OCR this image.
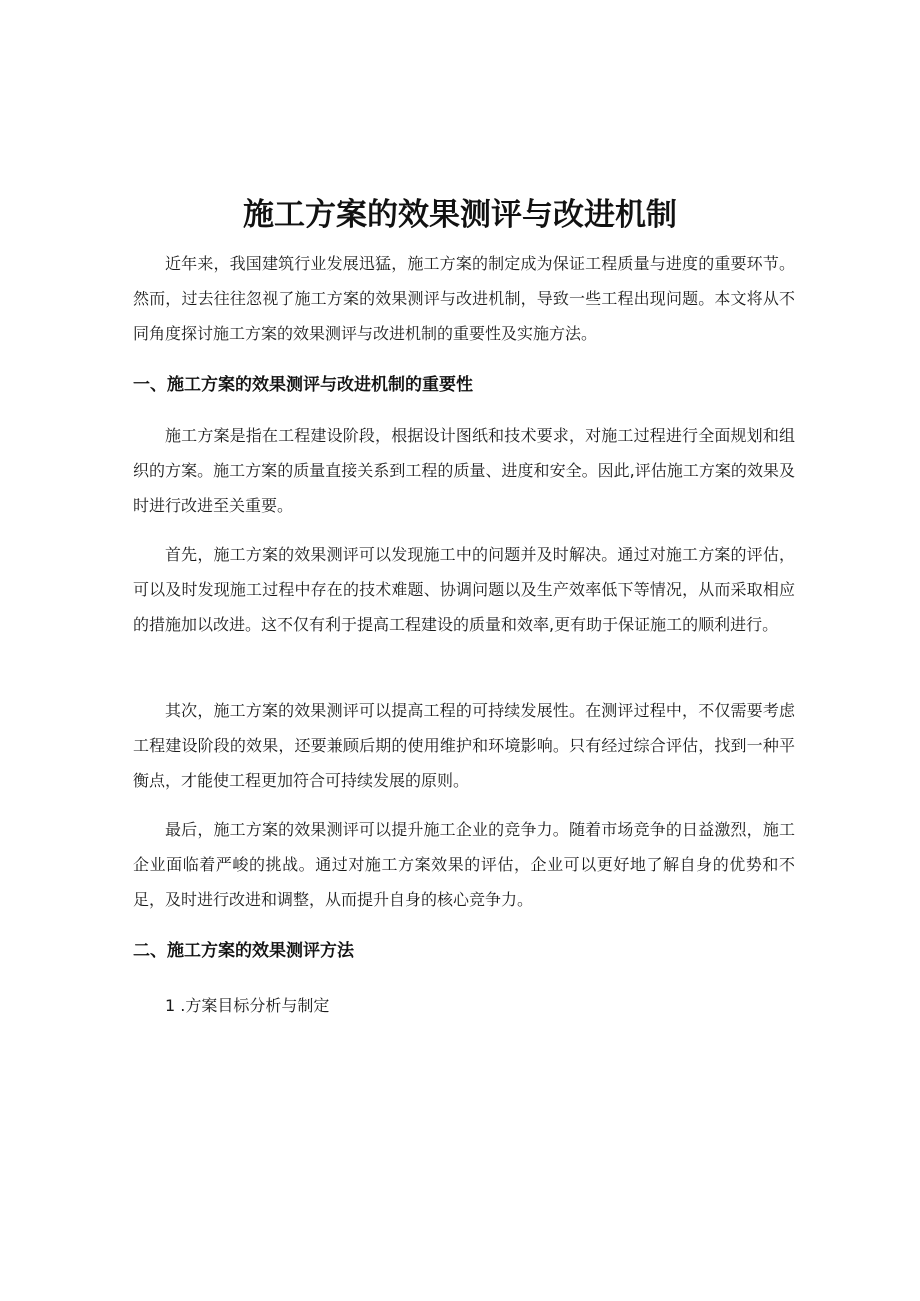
施工方案的效果测评与改进机制

近年来，我国建筑行业发展迅猛，施工方案的制定成为保证工程质量与进度的重要环节。然而，过去往往忽视了施工方案的效果测评与改进机制，导致一些工程出现问题。本文将从不同角度探讨施工方案的效果测评与改进机制的重要性及实施方法。

一、施工方案的效果测评与改进机制的重要性

施工方案是指在工程建设阶段，根据设计图纸和技术要求，对施工过程进行全面规划和组织的方案。施工方案的质量直接关系到工程的质量、进度和安全。因此,评估施工方案的效果及时进行改进至关重要。

首先，施工方案的效果测评可以发现施工中的问题并及时解决。通过对施工方案的评估，可以及时发现施工过程中存在的技术难题、协调问题以及生产效率低下等情况，从而采取相应的措施加以改进。这不仅有利于提高工程建设的质量和效率,更有助于保证施工的顺利进行。

其次，施工方案的效果测评可以提高工程的可持续发展性。在测评过程中，不仅需要考虑工程建设阶段的效果，还要兼顾后期的使用维护和环境影响。只有经过综合评估，找到一种平衡点，才能使工程更加符合可持续发展的原则。

最后，施工方案的效果测评可以提升施工企业的竞争力。随着市场竞争的日益激烈，施工企业面临着严峻的挑战。通过对施工方案效果的评估，企业可以更好地了解自身的优势和不足，及时进行改进和调整，从而提升自身的核心竞争力。

二、施工方案的效果测评方法

1 .方案目标分析与制定
